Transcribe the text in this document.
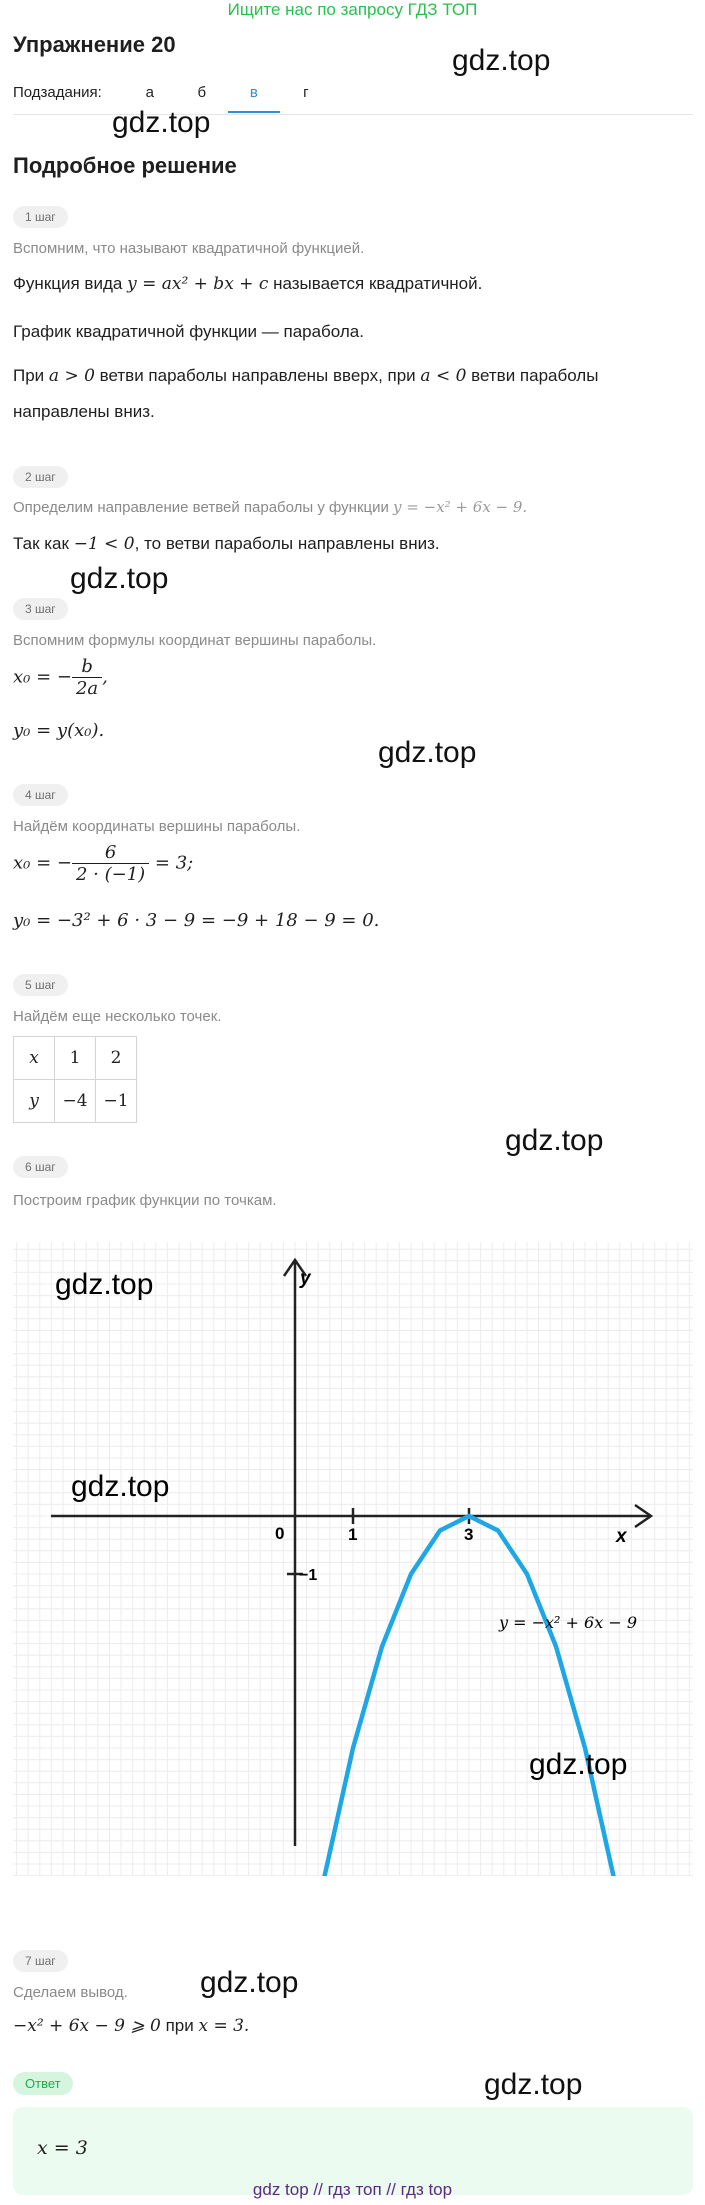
Ищите нас по запросу ГДЗ ТОП
Упражнение 20	gdz.top
Подзадания:	а	б	в	г
gdz.top
Подробное решение
1 шаг
Вспомним, что называют квадратичной функцией.
Функция вида y = ax² + bx + c называется квадратичной.
График квадратичной функции — парабола.
При a > 0 ветви параболы направлены вверх, при a < 0 ветви параболы
направлены вниз.
2 шаг
Определим направление ветвей параболы у функции y = −x² + 6x − 9.
Так как −1 < 0, то ветви параболы направлены вниз.
gdz.top
3 шаг
Вспомним формулы координат вершины параболы.
x₀ = − $\frac{b}{2a}$ ,
y₀ = y(x₀).
gdz.top
4 шаг
Найдём координаты вершины параболы.
x₀ = − $\frac{6}{2 \cdot (-1)} = 3$;
y₀ = −3² + 6 · 3 − 9 = −9 + 18 − 9 = 0.
5 шаг
Найдём еще несколько точек.
x	1	2
y	−4	−1
gdz.top
6 шаг
Построим график функции по точкам.
1	3
−1
y
x
0
y = −x² + 6x − 9
gdz.top
gdz.top
gdz.top
7 шаг
gdz.top
Сделаем вывод.
−x² + 6x − 9 ⩾ 0 при x = 3.
Ответ	gdz.top
x = 3
gdz top // гдз топ // гдз top
